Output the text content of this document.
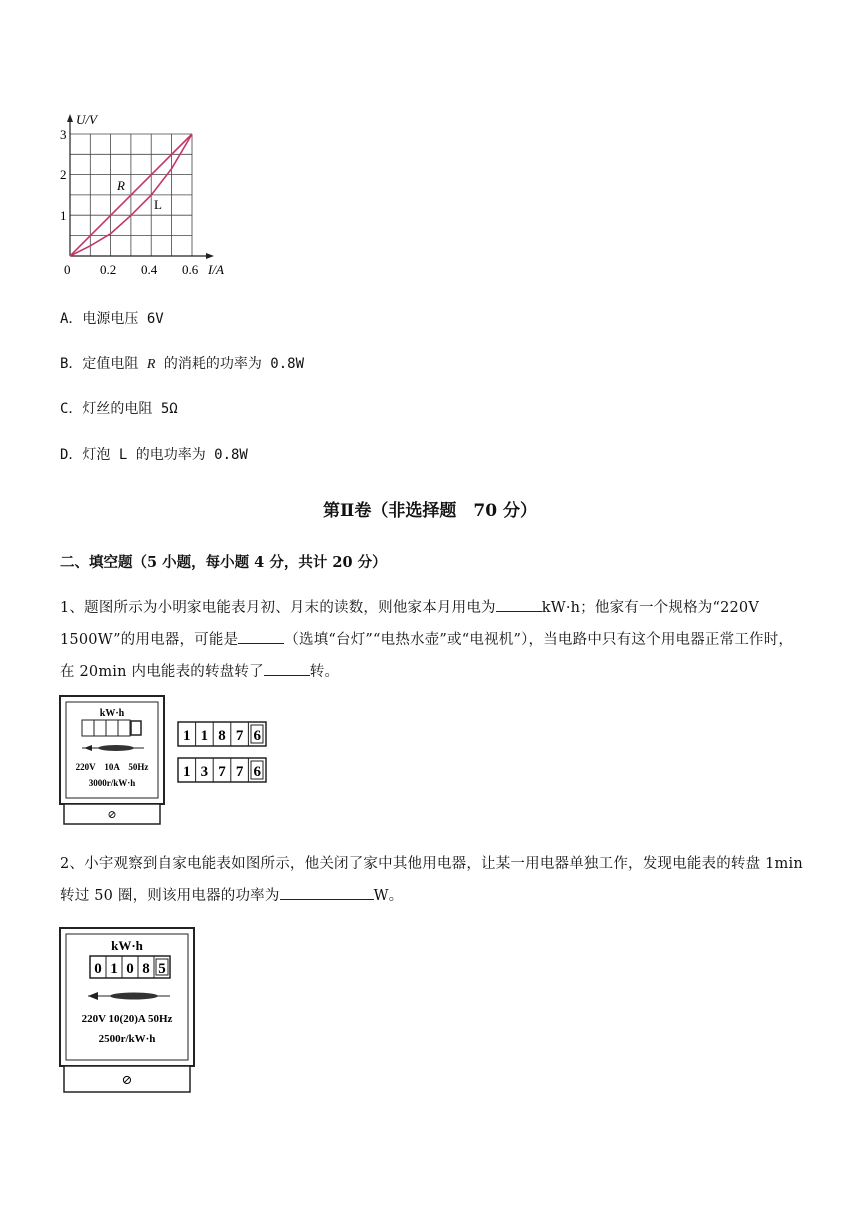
U/V
I/A
1
2
3
0 0.2 0.4 0.6
R
L
A．电源电压 6V
B．定值电阻 R 的消耗的功率为 0.8W
C．灯丝的电阻 5Ω
D．灯泡 L 的电功率为 0.8W
第Ⅱ卷（非选择题　70 分）
二、填空题（5 小题，每小题 4 分，共计 20 分）
1、题图所示为小明家电能表月初、月末的读数，则他家本月用电为	kW·h；他家有一个规格为“220V　1500W”的用电器，可能是	（选填“台灯”“电热水壶”或“电视机”），当电路中只有这个用电器正常工作时，在 20min 内电能表的转盘转了	转。
⊘
kW·h
220V　10A　50Hz
3000r/kW·h
1 1 8 7 6
1 3 7 7 6
2、小宇观察到自家电能表如图所示，他关闭了家中其他用电器，让某一用电器单独工作，发现电能表的转盘 1min 转过 50 圈，则该用电器的功率为	W。
⊘
kW·h
0 1 0 8 5
220V 10(20)A 50Hz
2500r/kW·h
